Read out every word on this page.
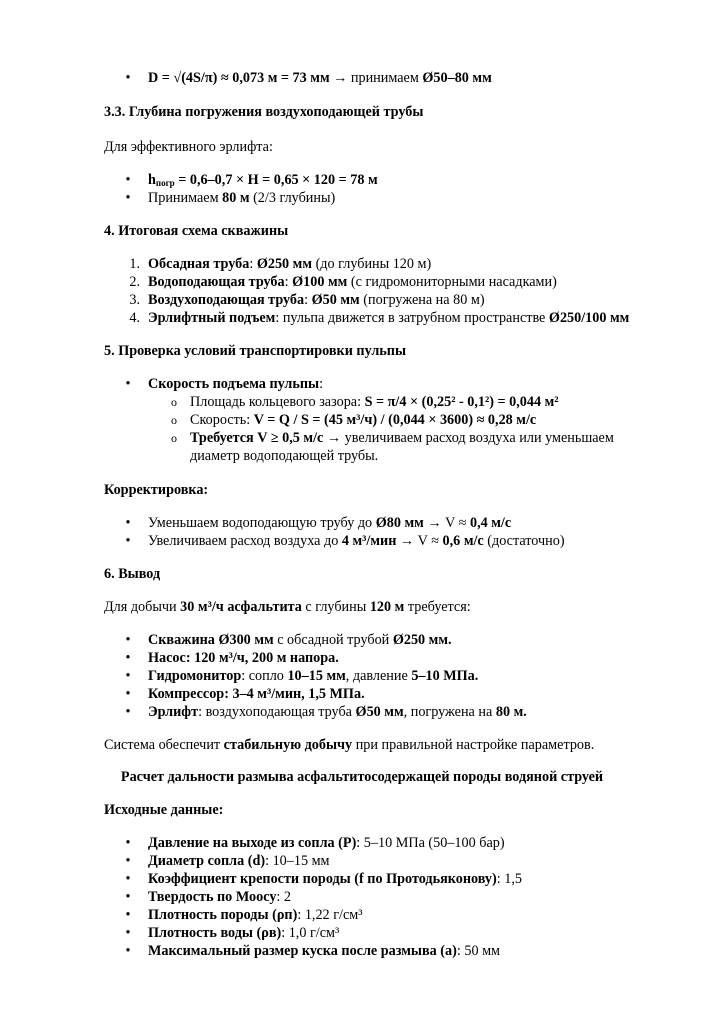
• D = √(4S/π) ≈ 0,073 м = 73 мм → принимаем Ø50–80 мм
3.3. Глубина погружения воздухоподающей трубы
Для эффективного эрлифта:
• $h_{погр} = 0,6-0,7 \times H = 0,65 \times 120 = 78$ м
• Принимаем 80 м (2/3 глубины)
4. Итоговая схема скважины
1. Обсадная труба: Ø250 мм (до глубины 120 м)
2. Водоподающая труба: Ø100 мм (с гидромониторными насадками)
3. Воздухоподающая труба: Ø50 мм (погружена на 80 м)
4. Эрлифтный подъем: пульпа движется в затрубном пространстве Ø250/100 мм
5. Проверка условий транспортировки пульпы
• Скорость подъема пульпы:
o Площадь кольцевого зазора: S = π/4 × (0,25² - 0,1²) = 0,044 м²
o Скорость: V = Q / S = (45 м³/ч) / (0,044 × 3600) ≈ 0,28 м/с
o Требуется V ≥ 0,5 м/с → увеличиваем расход воздуха или уменьшаем
диаметр водоподающей трубы.
Корректировка:
• Уменьшаем водоподающую трубу до Ø80 мм → V ≈ 0,4 м/с
• Увеличиваем расход воздуха до 4 м³/мин → V ≈ 0,6 м/с (достаточно)
6. Вывод
Для добычи 30 м³/ч асфальтита с глубины 120 м требуется:
• Скважина Ø300 мм с обсадной трубой Ø250 мм.
• Насос: 120 м³/ч, 200 м напора.
• Гидромонитор: сопло 10–15 мм, давление 5–10 МПа.
• Компрессор: 3–4 м³/мин, 1,5 МПа.
• Эрлифт: воздухоподающая труба Ø50 мм, погружена на 80 м.
Система обеспечит стабильную добычу при правильной настройке параметров.
Расчет дальности размыва асфальтитосодержащей породы водяной струей
Исходные данные:
• Давление на выходе из сопла (P): 5–10 МПа (50–100 бар)
• Диаметр сопла (d): 10–15 мм
• Коэффициент крепости породы (f по Протодьяконову): 1,5
• Твердость по Моосу: 2
• Плотность породы (ρп): 1,22 г/см³
• Плотность воды (ρв): 1,0 г/см³
• Максимальный размер куска после размыва (а): 50 мм
